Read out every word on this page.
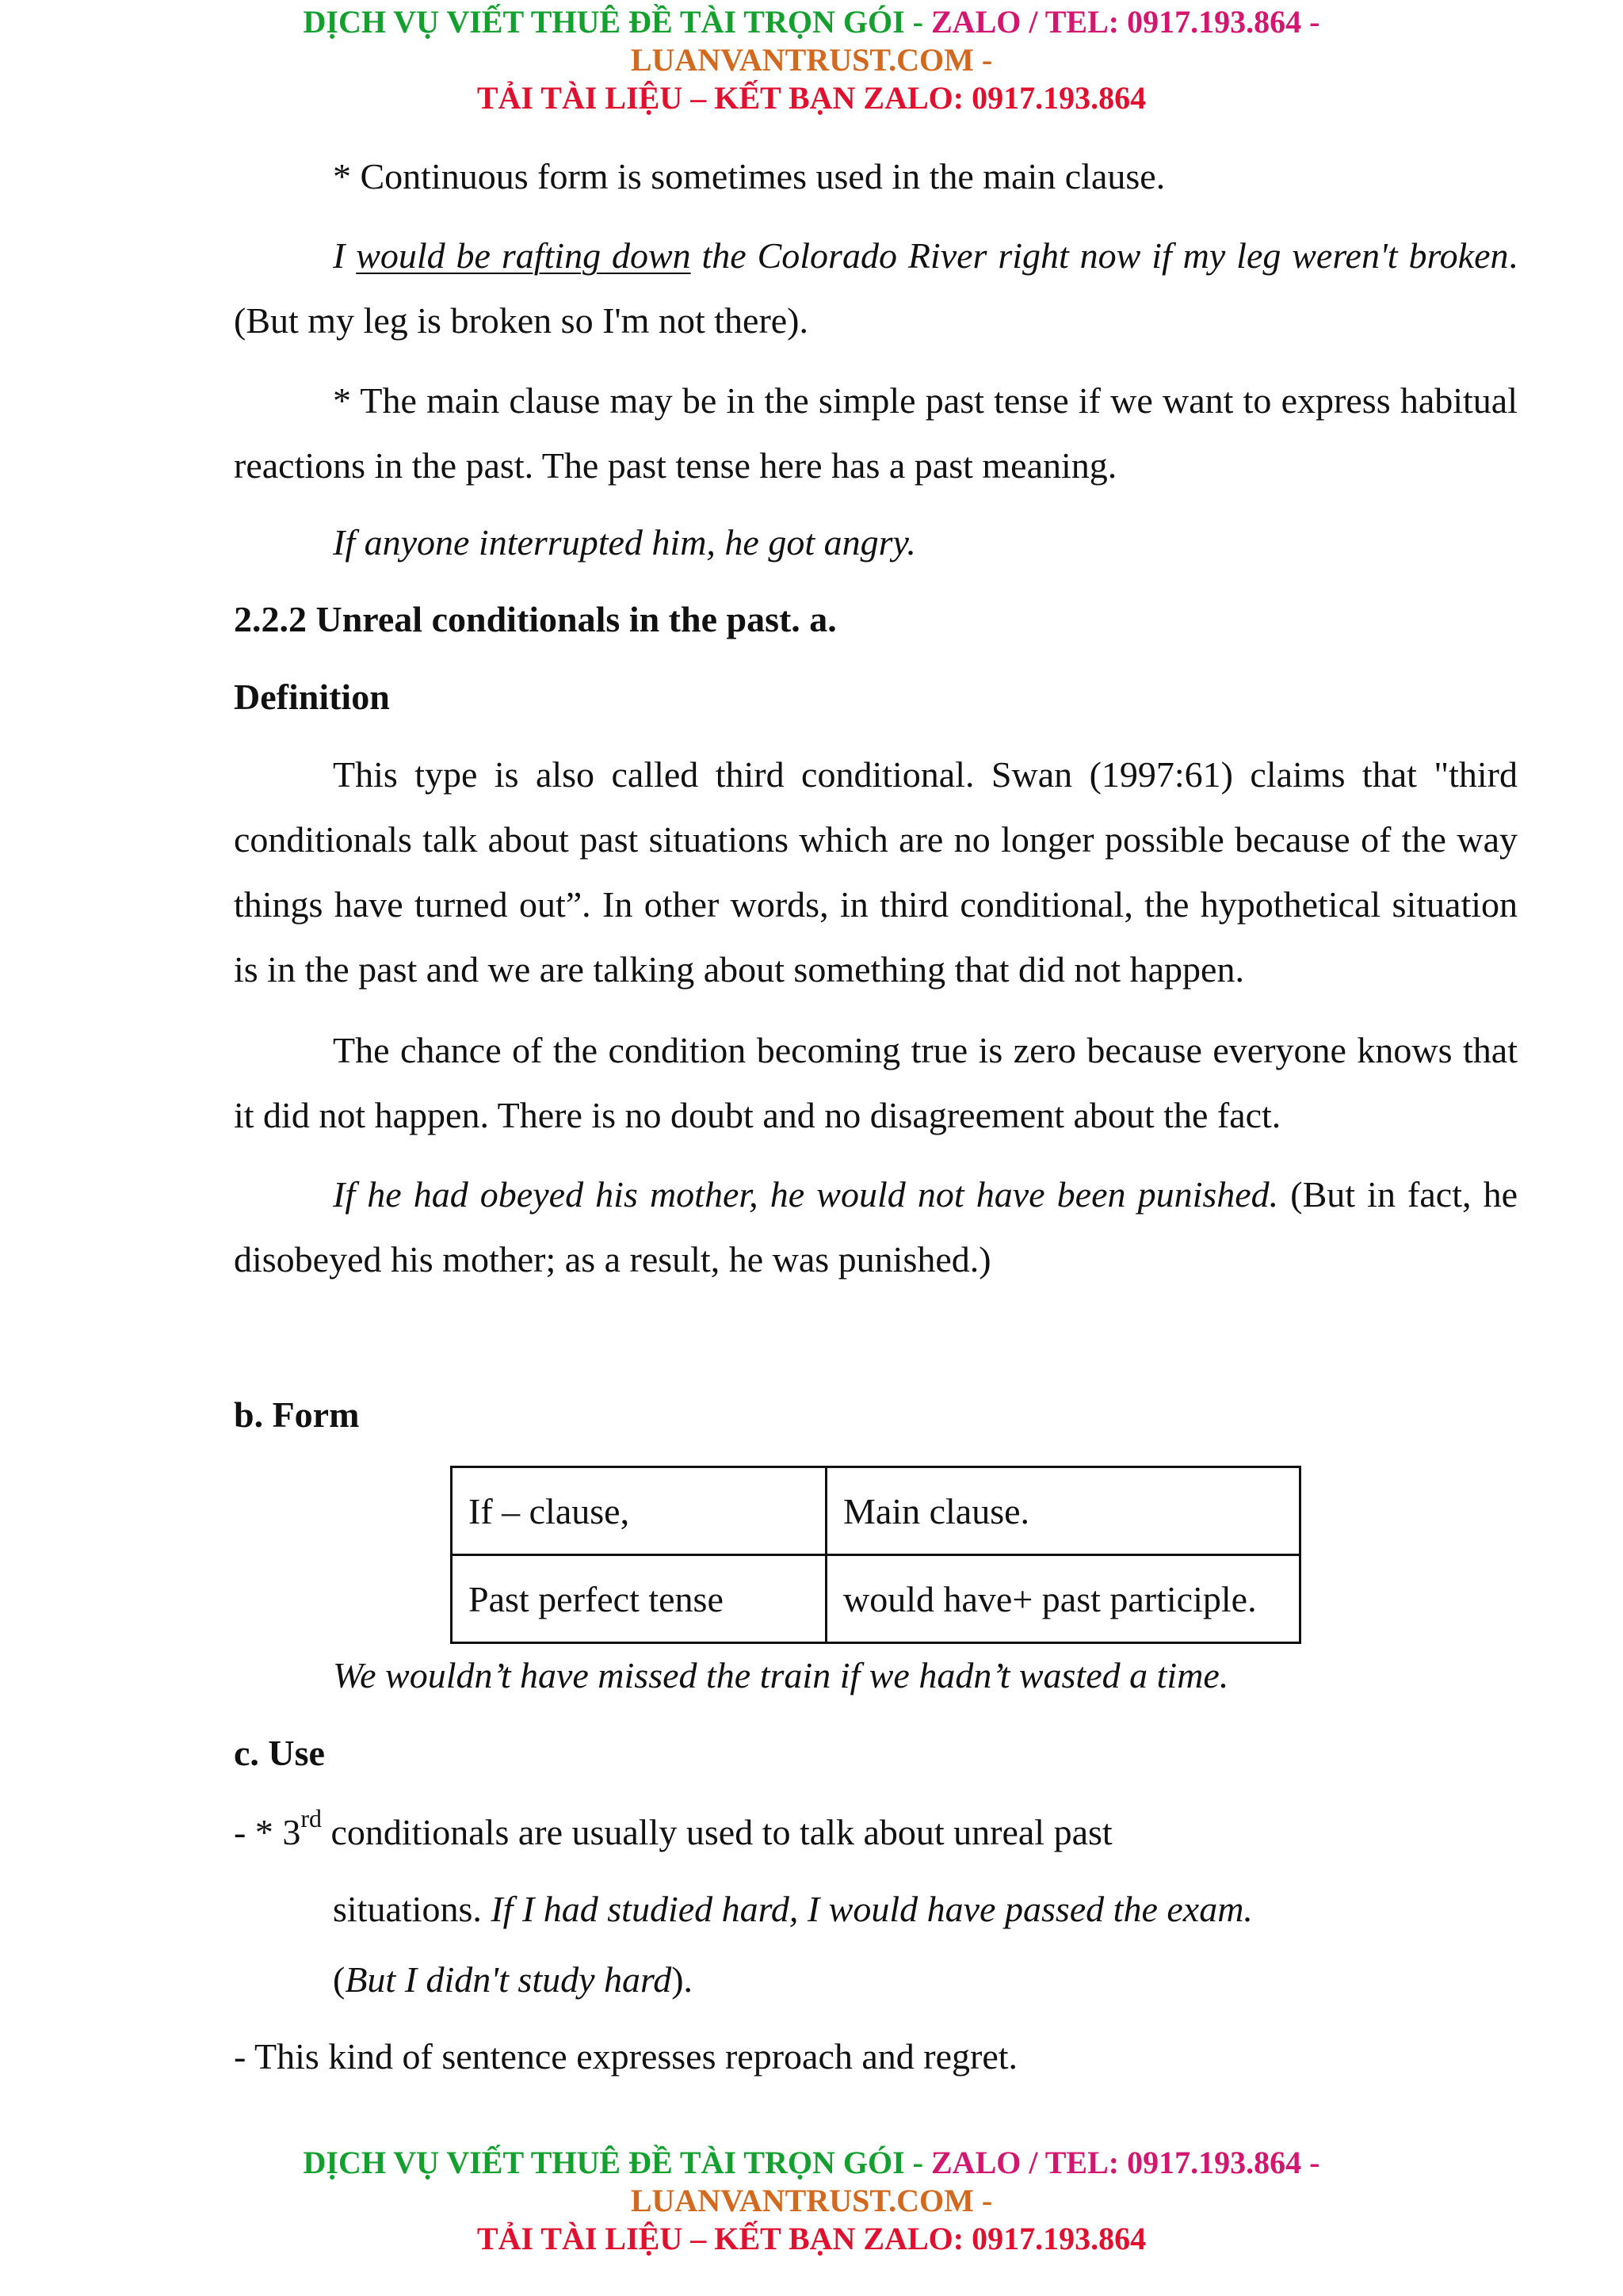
DỊCH VỤ VIẾT THUÊ ĐỀ TÀI TRỌN GÓI - ZALO / TEL: 0917.193.864 -
LUANVANTRUST.COM -
TẢI TÀI LIỆU – KẾT BẠN ZALO: 0917.193.864

* Continuous form is sometimes used in the main clause.

I would be rafting down the Colorado River right now if my leg weren't broken. (But my leg is broken so I'm not there).

* The main clause may be in the simple past tense if we want to express habitual reactions in the past. The past tense here has a past meaning.

If anyone interrupted him, he got angry.

2.2.2 Unreal conditionals in the past. a.

Definition

This type is also called third conditional. Swan (1997:61) claims that "third conditionals talk about past situations which are no longer possible because of the way things have turned out”. In other words, in third conditional, the hypothetical situation is in the past and we are talking about something that did not happen.

The chance of the condition becoming true is zero because everyone knows that it did not happen. There is no doubt and no disagreement about the fact.

If he had obeyed his mother, he would not have been punished. (But in fact, he disobeyed his mother; as a result, he was punished.)

b. Form

If – clause,	Main clause.
Past perfect tense	would have+ past participle.

We wouldn’t have missed the train if we hadn’t wasted a time.

c. Use

- * 3rd conditionals are usually used to talk about unreal past

situations. If I had studied hard, I would have passed the exam.

(But I didn't study hard).

- This kind of sentence expresses reproach and regret.

DỊCH VỤ VIẾT THUÊ ĐỀ TÀI TRỌN GÓI - ZALO / TEL: 0917.193.864 -
LUANVANTRUST.COM -
TẢI TÀI LIỆU – KẾT BẠN ZALO: 0917.193.864
